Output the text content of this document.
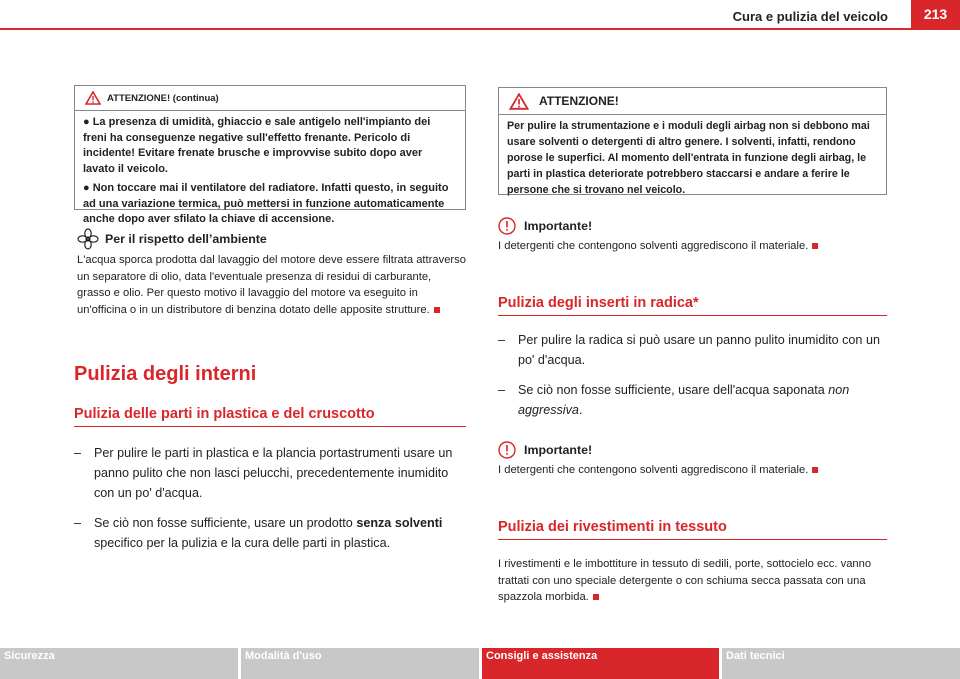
Cura e pulizia del veicolo	213
ATTENZIONE! (continua)

● La presenza di umidità, ghiaccio e sale antigelo nell'impianto dei freni ha conseguenze negative sull'effetto frenante. Pericolo di incidente! Evitare frenate brusche e improvvise subito dopo aver lavato il veicolo.

● Non toccare mai il ventilatore del radiatore. Infatti questo, in seguito ad una variazione termica, può mettersi in funzione automaticamente anche dopo aver sfilato la chiave di accensione.

Per il rispetto dell’ambiente
L'acqua sporca prodotta dal lavaggio del motore deve essere filtrata attraverso un separatore di olio, data l'eventuale presenza di residui di carburante, grasso e olio. Per questo motivo il lavaggio del motore va eseguito in un'officina o in un distributore di benzina dotato delle apposite strutture.
Pulizia degli interni
Pulizia delle parti in plastica e del cruscotto
–	Per pulire le parti in plastica e la plancia portastrumenti usare un panno pulito che non lasci pelucchi, precedentemente inumidito con un po' d'acqua.
–	Se ciò non fosse sufficiente, usare un prodotto senza solventi specifico per la pulizia e la cura delle parti in plastica.
ATTENZIONE!
Per pulire la strumentazione e i moduli degli airbag non si debbono mai usare solventi o detergenti di altro genere. I solventi, infatti, rendono porose le superfici. Al momento dell'entrata in funzione degli airbag, le parti in plastica deteriorate potrebbero staccarsi e andare a ferire le persone che si trovano nel veicolo.
Importante!
I detergenti che contengono solventi aggrediscono il materiale.
Pulizia degli inserti in radica*
–	Per pulire la radica si può usare un panno pulito inumidito con un po' d'acqua.
–	Se ciò non fosse sufficiente, usare dell'acqua saponata non aggressiva.
Importante!
I detergenti che contengono solventi aggrediscono il materiale.
Pulizia dei rivestimenti in tessuto
I rivestimenti e le imbottiture in tessuto di sedili, porte, sottocielo ecc. vanno trattati con uno speciale detergente o con schiuma secca passata con una spazzola morbida.
Sicurezza	Modalità d'uso	Consigli e assistenza	Dati tecnici
